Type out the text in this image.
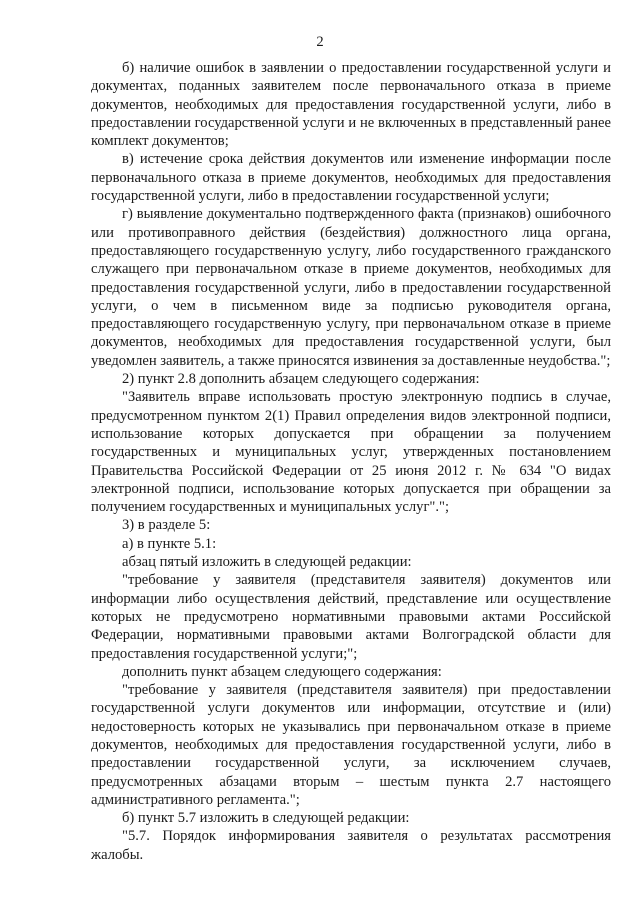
2

б) наличие ошибок в заявлении о предоставлении государственной услуги и документах, поданных заявителем после первоначального отказа в приеме документов, необходимых для предоставления государственной услуги, либо в предоставлении государственной услуги и не включенных в представленный ранее комплект документов;

в) истечение срока действия документов или изменение информации после первоначального отказа в приеме документов, необходимых для предоставления государственной услуги, либо в предоставлении государственной услуги;

г) выявление документально подтвержденного факта (признаков) ошибочного или противоправного действия (бездействия) должностного лица органа, предоставляющего государственную услугу, либо государственного гражданского служащего при первоначальном отказе в приеме документов, необходимых для предоставления государственной услуги, либо в предоставлении государственной услуги, о чем в письменном виде за подписью руководителя органа, предоставляющего государственную услугу, при первоначальном отказе в приеме документов, необходимых для предоставления государственной услуги, был уведомлен заявитель, а также приносятся извинения за доставленные неудобства.";

2) пункт 2.8 дополнить абзацем следующего содержания:

"Заявитель вправе использовать простую электронную подпись в случае, предусмотренном пунктом 2(1) Правил определения видов электронной подписи, использование которых допускается при обращении за получением государственных и муниципальных услуг, утвержденных постановлением Правительства Российской Федерации от 25 июня 2012 г. № 634 "О видах электронной подписи, использование которых допускается при обращении за получением государственных и муниципальных услуг".";

3) в разделе 5:

а) в пункте 5.1:

абзац пятый изложить в следующей редакции:

"требование у заявителя (представителя заявителя) документов или информации либо осуществления действий, представление или осуществление которых не предусмотрено нормативными правовыми актами Российской Федерации, нормативными правовыми актами Волгоградской области для предоставления государственной услуги;";

дополнить пункт абзацем следующего содержания:

"требование у заявителя (представителя заявителя) при предоставлении государственной услуги документов или информации, отсутствие и (или) недостоверность которых не указывались при первоначальном отказе в приеме документов, необходимых для предоставления государственной услуги, либо в предоставлении государственной услуги, за исключением случаев, предусмотренных абзацами вторым – шестым пункта 2.7 настоящего административного регламента.";

б) пункт 5.7 изложить в следующей редакции:

"5.7. Порядок информирования заявителя о результатах рассмотрения жалобы.
